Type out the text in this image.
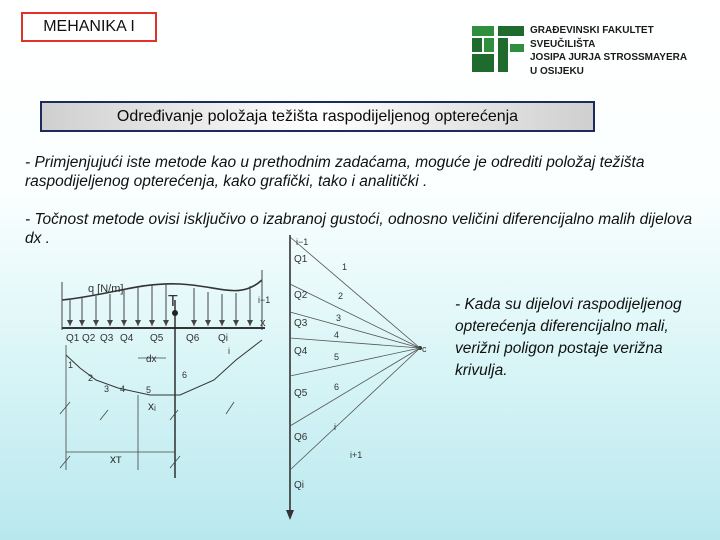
MEHANIKA I	GRAĐEVINSKI FAKULTET
SVEUČILIŠTA
JOSIPA JURJA STROSSMAYERA
U OSIJEKU
Određivanje položaja težišta raspodijeljenog opterećenja
- Primjenjujući iste metode kao u prethodnim zadaćama, moguće je odrediti položaj težišta raspodijeljenog opterećenja, kako grafički, tako i analitički .
- Točnost metode ovisi isključivo o izabranoj gustoći, odnosno veličini diferencijalno malih dijelova dx .
T
q [N/m]
x
i−1
i
Q1 Q2 Q3 Q4 Q5 Q6 Qi
dx
1
2
3 4 5
6
xᵢ
xᴛ
Q1
Q2
Q3
Q4
Q5
Q6
Qi
1
2
3
4
5
6
i
i+1
i−1
c
- Kada su dijelovi raspodijeljenog opterećenja diferencijalno mali, verižni poligon postaje verižna krivulja.
